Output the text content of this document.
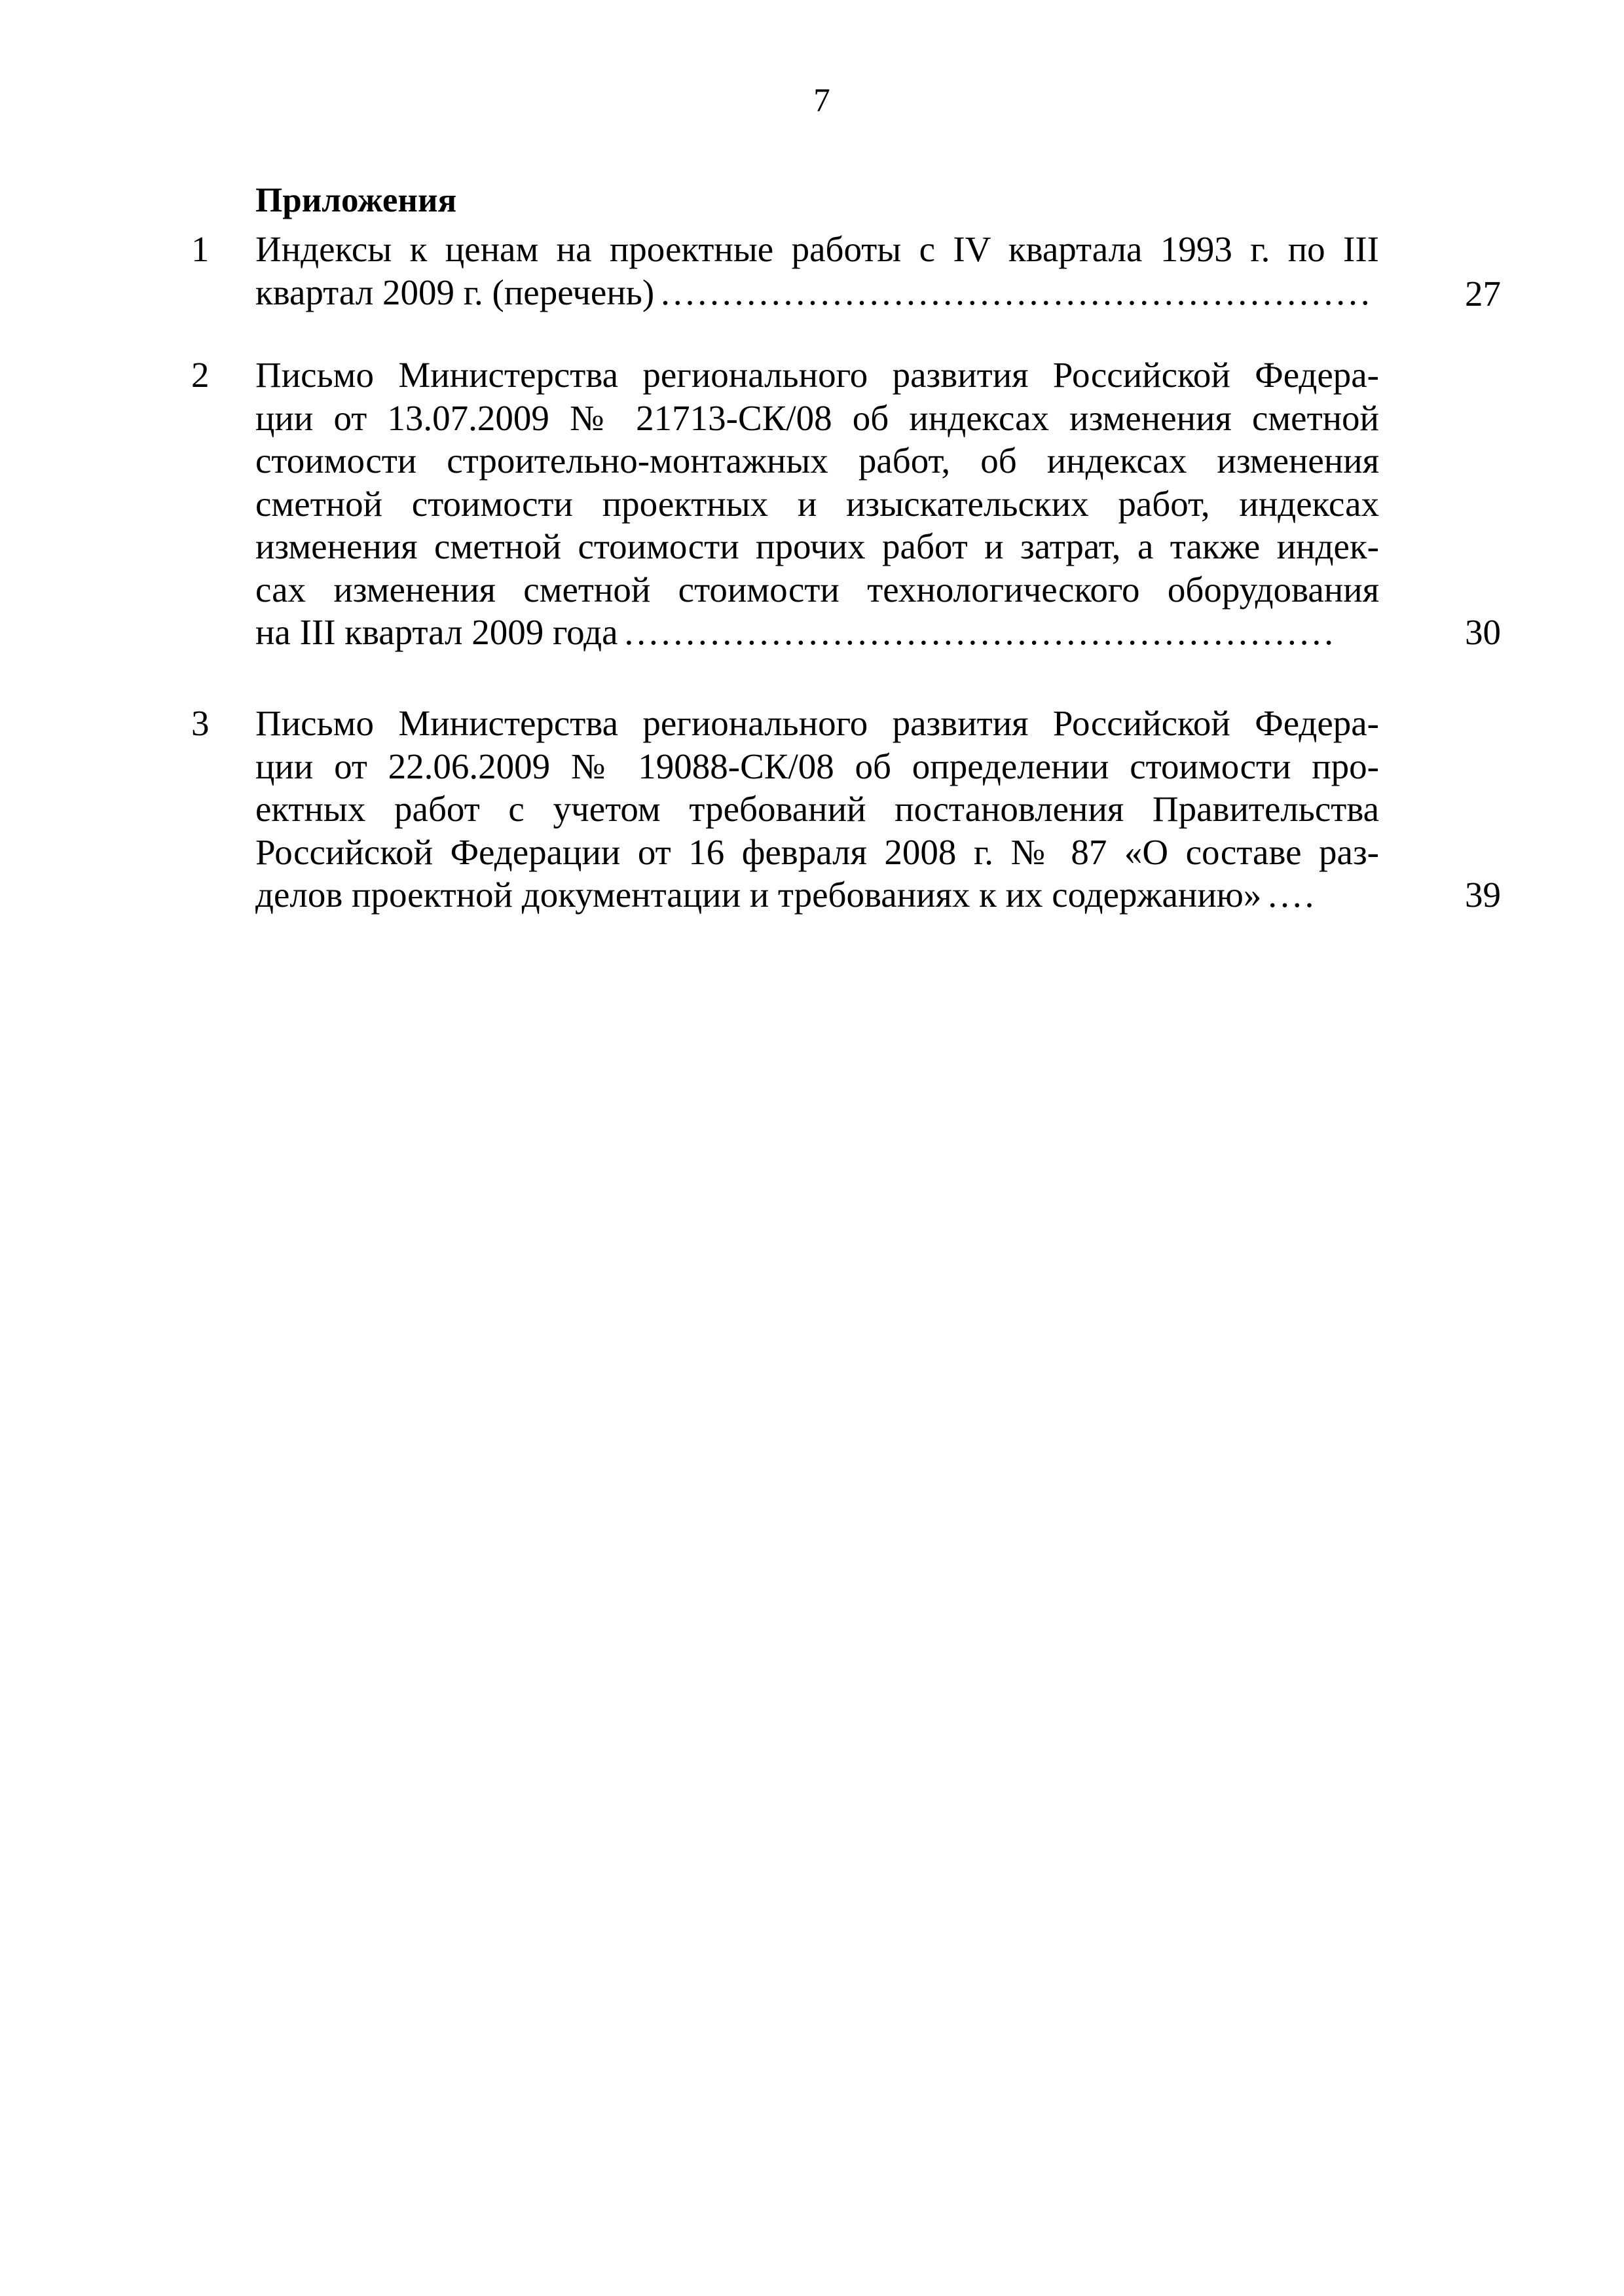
7
Приложения
1	Индексы к ценам на проектные работы с IV квартала 1993 г. по III
квартал 2009 г. (перечень) ..........................................................	27
2	Письмо Министерства регионального развития Российской Федера-
ции от 13.07.2009 № 21713-СК/08 об индексах изменения сметной
стоимости строительно-монтажных работ, об индексах изменения
сметной стоимости проектных и изыскательских работ, индексах
изменения сметной стоимости прочих работ и затрат, а также индек-
сах изменения сметной стоимости технологического оборудования
на III квартал 2009 года ..........................................................	30
3	Письмо Министерства регионального развития Российской Федера-
ции от 22.06.2009 № 19088-СК/08 об определении стоимости про-
ектных работ с учетом требований постановления Правительства
Российской Федерации от 16 февраля 2008 г. № 87 «О составе раз-
делов проектной документации и требованиях к их содержанию» ....	39
